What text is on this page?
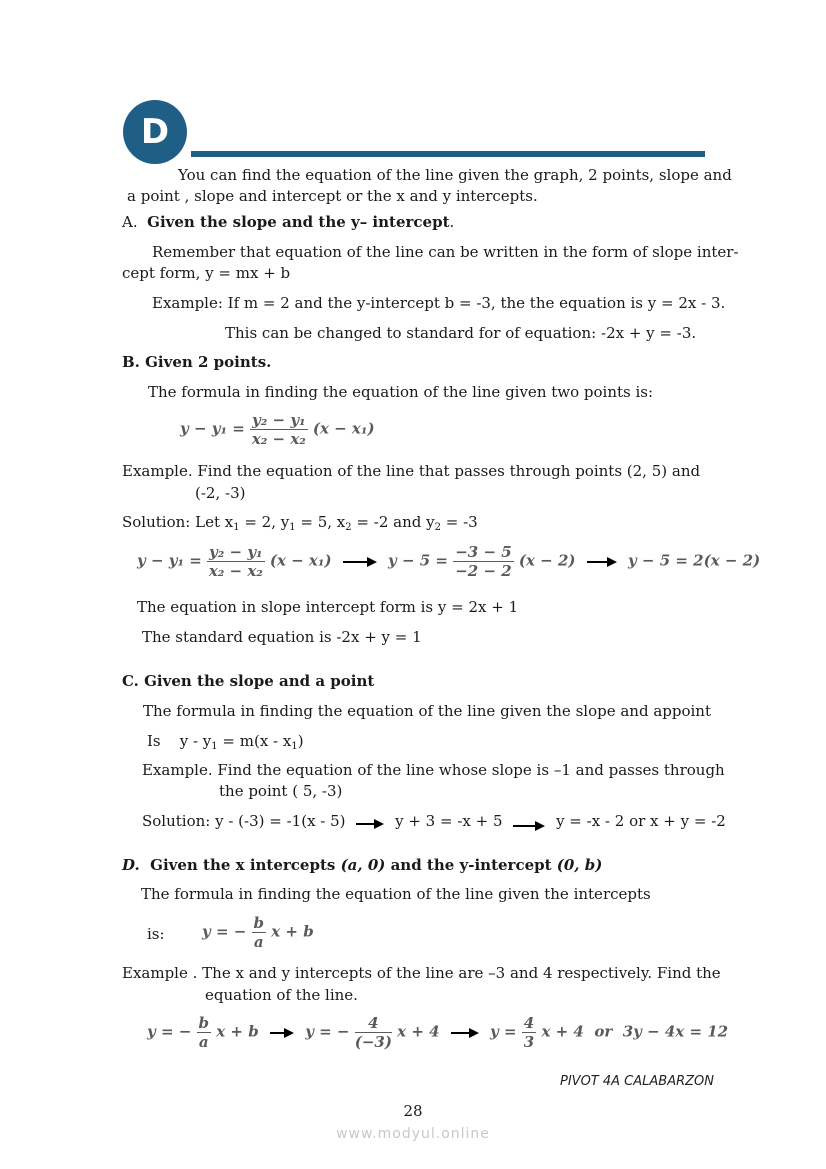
D
You can find the equation of the line given the graph, 2 points, slope and
a point , slope and intercept or the x and y intercepts.
A. Given the slope and the y– intercept.
Remember that equation of the line can be written in the form of slope inter-
cept form, y = mx + b
Example: If m = 2 and the y-intercept b = -3, the the equation is y = 2x - 3.
This can be changed to standard for of equation: -2x + y = -3.
B. Given 2 points.
The formula in finding the equation of the line given two points is:
$y - y_1 = \frac{\text{y₂ − y₁}}{\text{x₂ − x₂}} (x - x_1)$
Example. Find the equation of the line that passes through points (2, 5) and
(-2, -3)
Solution: Let $x_1 = 2$, $y_1 = 5$, $x_2 = -2$ and $y_2 = -3$
$y - y_1 = \frac{\text{y₂ − y₁}}{\text{x₂ − x₂}} (x - x_1)$	$y - 5 = \frac{-3 - 5}{-2 - 2} (x - 2)$	y − 5 = 2(x − 2)
The equation in slope intercept form is y = 2x + 1
The standard equation is -2x + y = 1
C. Given the slope and a point
The formula in finding the equation of the line given the slope and appoint
Is $y - y_1 = m(x - x_1)$
Example. Find the equation of the line whose slope is –1 and passes through
the point ( 5, -3)
Solution: y - (-3) = -1(x - 5)	y + 3 = -x + 5	y = -x - 2 or x + y = -2
D. Given the x intercepts (a, 0) and the y-intercept (0, b)
The formula in finding the equation of the line given the intercepts
is: y = − $\frac{b}{a}$ x + b
Example . The x and y intercepts of the line are –3 and 4 respectively. Find the
equation of the line.
y = − $\frac{b}{a}$ x + b	y = − $\frac{4}{(-3)}$ x + 4	$y = \frac{4}{3}$ x + 4 or 3y − 4x = 12
PIVOT 4A CALABARZON
28
www.modyul.online
